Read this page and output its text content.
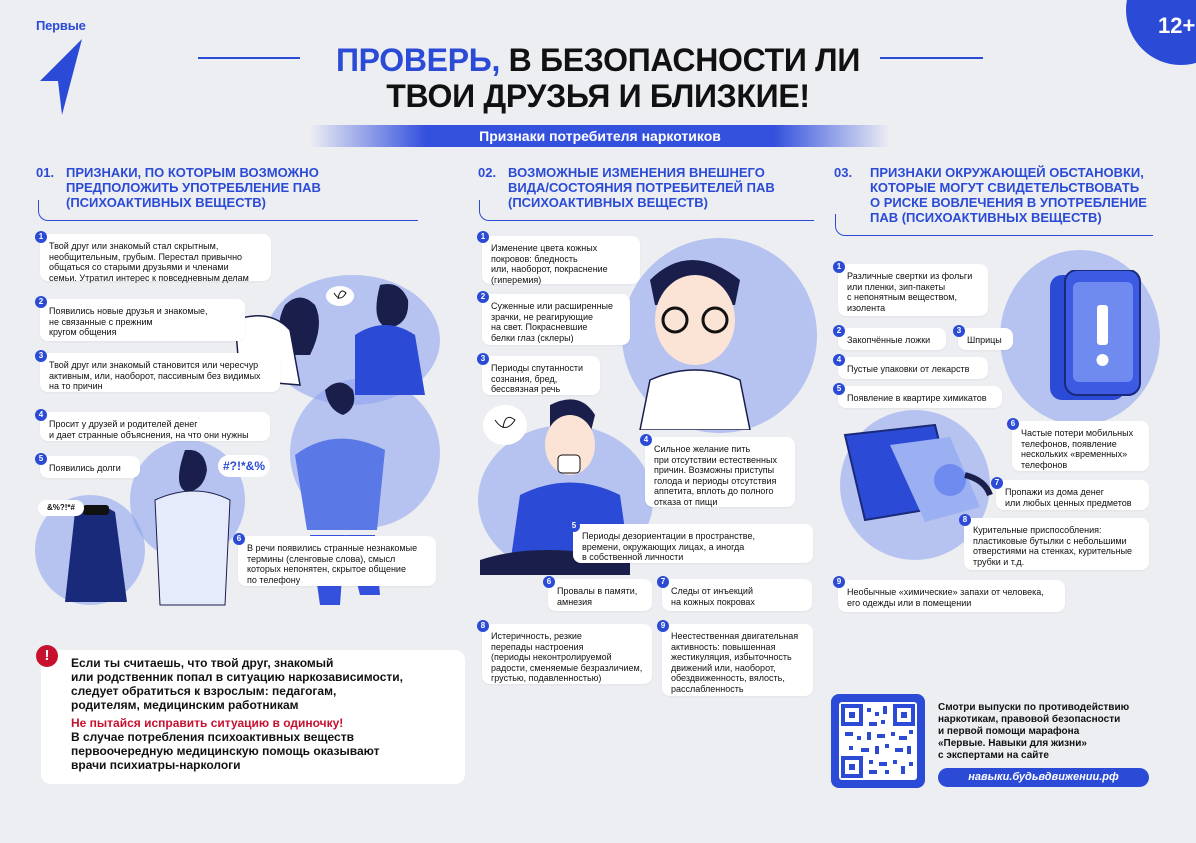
Первые	12+
ПРОВЕРЬ, В БЕЗОПАСНОСТИ ЛИ
ТВОИ ДРУЗЬЯ И БЛИЗКИЕ!
Признаки потребителя наркотиков
01. ПРИЗНАКИ, ПО КОТОРЫМ ВОЗМОЖНО
ПРЕДПОЛОЖИТЬ УПОТРЕБЛЕНИЕ ПАВ
(ПСИХОАКТИВНЫХ ВЕЩЕСТВ)
#?!*&%
&%?!*#
Твой друг или знакомый стал скрытным,
необщительным, грубым. Перестал привычно
общаться со старыми друзьями и членами
семьи. Утратил интерес к повседневным делам
1
Появились новые друзья и знакомые,
не связанные с прежним
кругом общения
2
Твой друг или знакомый становится или чересчур
активным, или, наоборот, пассивным без видимых
на то причин
3
Просит у друзей и родителей денег
и дает странные объяснения, на что они нужны
4
Появились долги
5
В речи появились странные незнакомые
термины (сленговые слова), смысл
которых непонятен, скрытое общение
по телефону
6
02. ВОЗМОЖНЫЕ ИЗМЕНЕНИЯ ВНЕШНЕГО
ВИДА/СОСТОЯНИЯ ПОТРЕБИТЕЛЕЙ ПАВ
(ПСИХОАКТИВНЫХ ВЕЩЕСТВ)
Изменение цвета кожных
покровов: бледность
или, наоборот, покраснение
(гиперемия)
1
Суженные или расширенные
зрачки, не реагирующие
на свет. Покрасневшие
белки глаз (склеры)
2
Периоды спутанности
сознания, бред,
бессвязная речь
3
Сильное желание пить
при отсутствии естественных
причин. Возможны приступы
голода и периоды отсутствия
аппетита, вплоть до полного
отказа от пищи
4
Периоды дезориентации в пространстве,
времени, окружающих лицах, а иногда
в собственной личности
5
Провалы в памяти,
амнезия
6
Следы от инъекций
на кожных покровах
7
Истеричность, резкие
перепады настроения
(периоды неконтролируемой
радости, сменяемые безразличием,
грустью, подавленностью)
8
Неестественная двигательная
активность: повышенная
жестикуляция, избыточность
движений или, наоборот,
обездвиженность, вялость,
расслабленность
9
03. ПРИЗНАКИ ОКРУЖАЮЩЕЙ ОБСТАНОВКИ,
КОТОРЫЕ МОГУТ СВИДЕТЕЛЬСТВОВАТЬ
О РИСКЕ ВОВЛЕЧЕНИЯ В УПОТРЕБЛЕНИЕ
ПАВ (ПСИХОАКТИВНЫХ ВЕЩЕСТВ)
Различные свертки из фольги
или пленки, зип-пакеты
с непонятным веществом,
изолента
1
Закопчённые ложки
2
Шприцы
3
Пустые упаковки от лекарств
4
Появление в квартире химикатов
5
Частые потери мобильных
телефонов, появление
нескольких «временных»
телефонов
6
Пропажи из дома денег
или любых ценных предметов
7
Курительные приспособления:
пластиковые бутылки с небольшими
отверстиями на стенках, курительные
трубки и т.д.
8
Необычные «химические» запахи от человека,
его одежды или в помещении
9
!	Если ты считаешь, что твой друг, знакомый
или родственник попал в ситуацию наркозависимости,
следует обратиться к взрослым: педагогам,
родителям, медицинским работникам
Не пытайся исправить ситуацию в одиночку!
В случае потребления психоактивных веществ
первоочередную медицинскую помощь оказывают
врачи психиатры-наркологи
Смотри выпуски по противодействию
наркотикам, правовой безопасности
и первой помощи марафона
«Первые. Навыки для жизни»
с экспертами на сайте
навыки.будьвдвижении.рф
